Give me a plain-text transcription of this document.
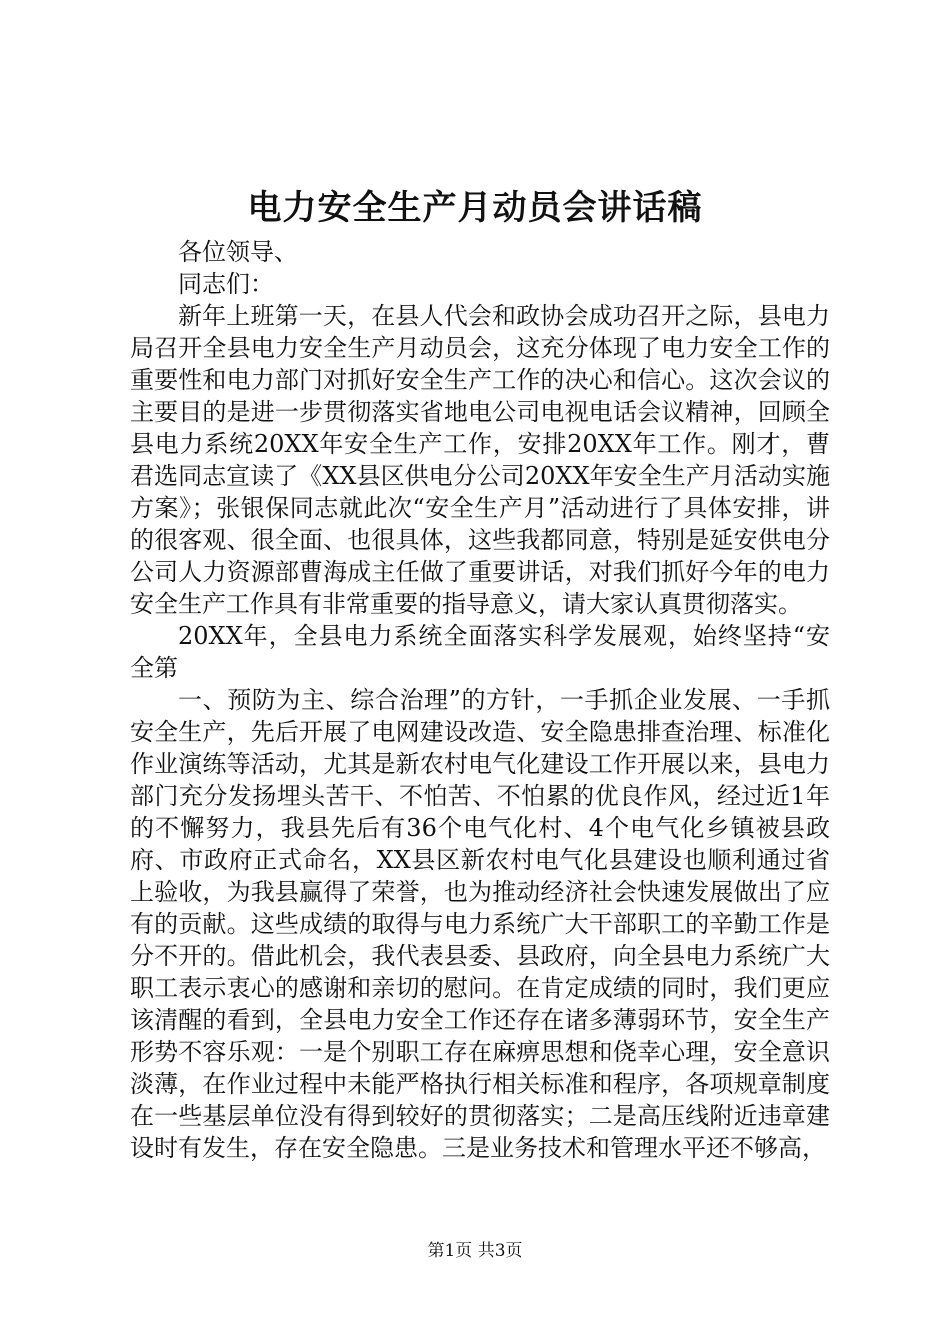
电力安全生产月动员会讲话稿

各位领导、

同志们：

新年上班第一天，在县人代会和政协会成功召开之际，县电力局召开全县电力安全生产月动员会，这充分体现了电力安全工作的重要性和电力部门对抓好安全生产工作的决心和信心。这次会议的主要目的是进一步贯彻落实省地电公司电视电话会议精神，回顾全县电力系统20XX年安全生产工作，安排20XX年工作。刚才，曹君选同志宣读了《XX县区供电分公司20XX年安全生产月活动实施方案》；张银保同志就此次“安全生产月”活动进行了具体安排，讲的很客观、很全面、也很具体，这些我都同意，特别是延安供电分公司人力资源部曹海成主任做了重要讲话，对我们抓好今年的电力安全生产工作具有非常重要的指导意义，请大家认真贯彻落实。

20XX年，全县电力系统全面落实科学发展观，始终坚持“安全第

一、预防为主、综合治理”的方针，一手抓企业发展、一手抓安全生产，先后开展了电网建设改造、安全隐患排查治理、标准化作业演练等活动，尤其是新农村电气化建设工作开展以来，县电力部门充分发扬埋头苦干、不怕苦、不怕累的优良作风，经过近1年的不懈努力，我县先后有36个电气化村、4个电气化乡镇被县政府、市政府正式命名，XX县区新农村电气化县建设也顺利通过省上验收，为我县赢得了荣誉，也为推动经济社会快速发展做出了应有的贡献。这些成绩的取得与电力系统广大干部职工的辛勤工作是分不开的。借此机会，我代表县委、县政府，向全县电力系统广大职工表示衷心的感谢和亲切的慰问。在肯定成绩的同时，我们更应该清醒的看到，全县电力安全工作还存在诸多薄弱环节，安全生产形势不容乐观：一是个别职工存在麻痹思想和侥幸心理，安全意识淡薄，在作业过程中未能严格执行相关标准和程序，各项规章制度在一些基层单位没有得到较好的贯彻落实；二是高压线附近违章建设时有发生，存在安全隐患。三是业务技术和管理水平还不够高，

第1页 共3页
